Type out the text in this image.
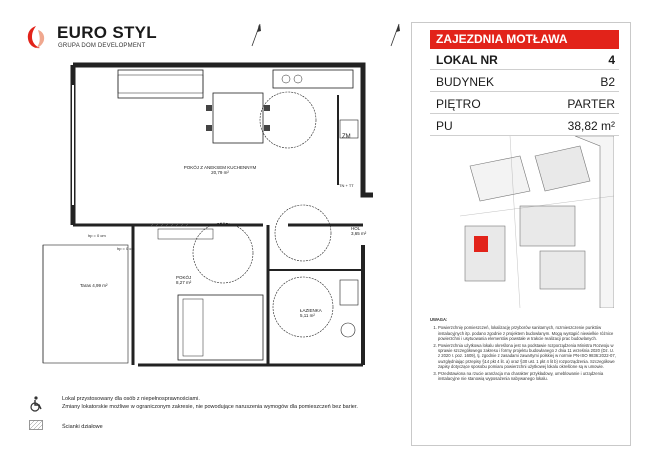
EURO STYL
GRUPA DOM DEVELOPMENT
N
POKÓJ Z ANEKSEM KUCHENNYM
20,79 m²
POKÓJ
8,27 m²
ŁAZIENKA
5,11 m²
HOL
3,65 m²
Taras 4,99 m²
ZM
TN + TT
hp = 0 cm
hp = 0 cm
ZAJEZDNIA MOTŁAWA
LOKAL NR	4
BUDYNEK	B2
PIĘTRO	PARTER
PU	38,82 m²
UWAGA:
1. Powierzchnię pomieszczeń, lokalizację przyborów sanitarnych, rozmieszczenie punktów instalacyjnych itp. podano zgodnie z projektem budowlanym. Mogą wystąpić niewielkie różnice powierzchni i usytuowania elementów powstałe w trakcie realizacji prac budowlanych.
2. Powierzchnia użytkowa lokalu określona jest na podstawie rozporządzenia Ministra Rozwoju w sprawie szczegółowego zakresu i formy projektu budowlanego z dnia 11 września 2020 (Dz. U. z 2020 r. poz. 1609), tj. zgodnie z zasadami zawartymi polskiej w normie PN-ISO 9836:2022-07, uwzględniając przepisy §14 pkt 4 lit. a) oraz §30 ust. 1 pkt 4 lit b) rozporządzenia. Szczegółowe zapisy dotyczące sposobu pomiaru powierzchni użytkowej lokalu określone są w umowie.
3. Przedstawiona na rzucie aranżacja ma charakter przykładowy, umeblowanie i urządzenia instalacyjne nie stanowią wyposażenia nabywanego lokalu.
Lokal przystosowany dla osób z niepełnosprawnościami.
Zmiany lokatorskie możliwe w ograniczonym zakresie, nie powodujące naruszenia wymogów dla pomieszczeń bez barier.
Ścianki działowe
